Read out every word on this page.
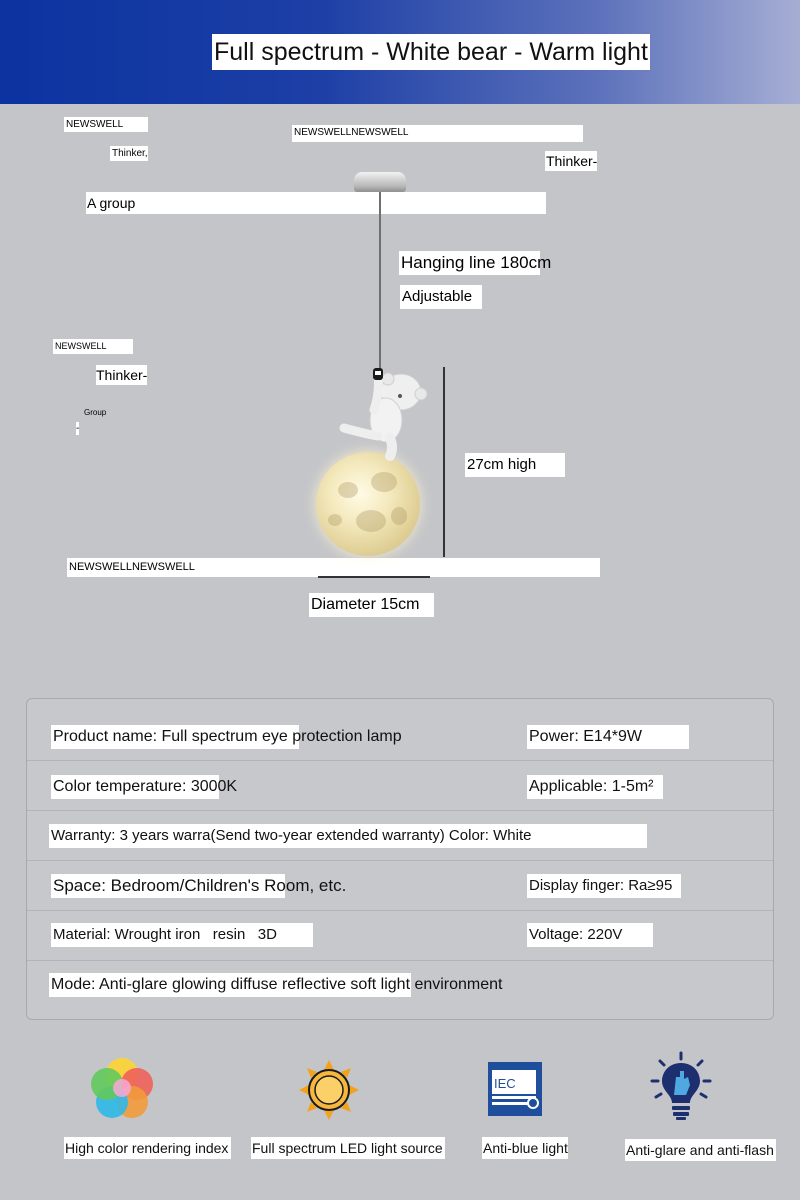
Full spectrum - White bear - Warm light
NEWSWELL
NEWSWELLNEWSWELL
Thinker,	Thinker-
A group
NEWSWELL
Thinker-
Group
-
NEWSWELLNEWSWELL
Hanging line 180cm
Adjustable
27cm high
Diameter 15cm
Product name: Full spectrum eye protection lamp	Power: E14*9W
Color temperature: 3000K	Applicable: 1-5m²
Warranty: 3 years warra(Send two-year extended warranty) Color: White
Space: Bedroom/Children's Room, etc.	Display finger: Ra≥95
Material: Wrought iron   resin   3D	Voltage: 220V
Mode: Anti-glare glowing diffuse reflective soft light environment
IEC
High color rendering index Full spectrum LED light source	Anti-blue light	Anti-glare and anti-flash
